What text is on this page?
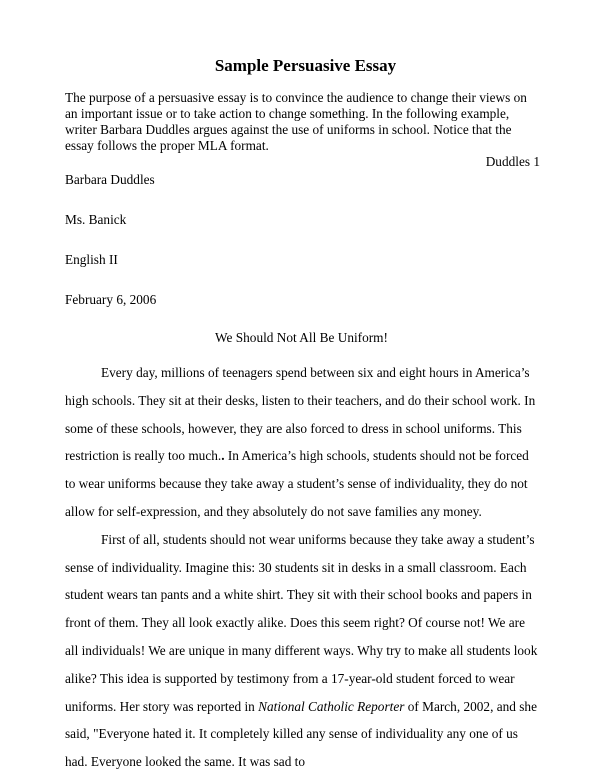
Sample Persuasive Essay

The purpose of a persuasive essay is to convince the audience to change their views on an important issue or to take action to change something. In the following example, writer Barbara Duddles argues against the use of uniforms in school. Notice that the essay follows the proper MLA format.

Duddles 1
Barbara Duddles
Ms. Banick
English II
February 6, 2006
We Should Not All Be Uniform!

Every day, millions of teenagers spend between six and eight hours in America’s high schools. They sit at their desks, listen to their teachers, and do their school work. In some of these schools, however, they are also forced to dress in school uniforms. This restriction is really too much.. In America’s high schools, students should not be forced to wear uniforms because they take away a student’s sense of individuality, they do not allow for self-expression, and they absolutely do not save families any money.

First of all, students should not wear uniforms because they take away a student’s sense of individuality. Imagine this: 30 students sit in desks in a small classroom. Each student wears tan pants and a white shirt. They sit with their school books and papers in front of them. They all look exactly alike. Does this seem right? Of course not! We are all individuals! We are unique in many different ways. Why try to make all students look alike? This idea is supported by testimony from a 17-year-old student forced to wear uniforms. Her story was reported in National Catholic Reporter of March, 2002, and she said, "Everyone hated it. It completely killed any sense of individuality any one of us had. Everyone looked the same. It was sad to
